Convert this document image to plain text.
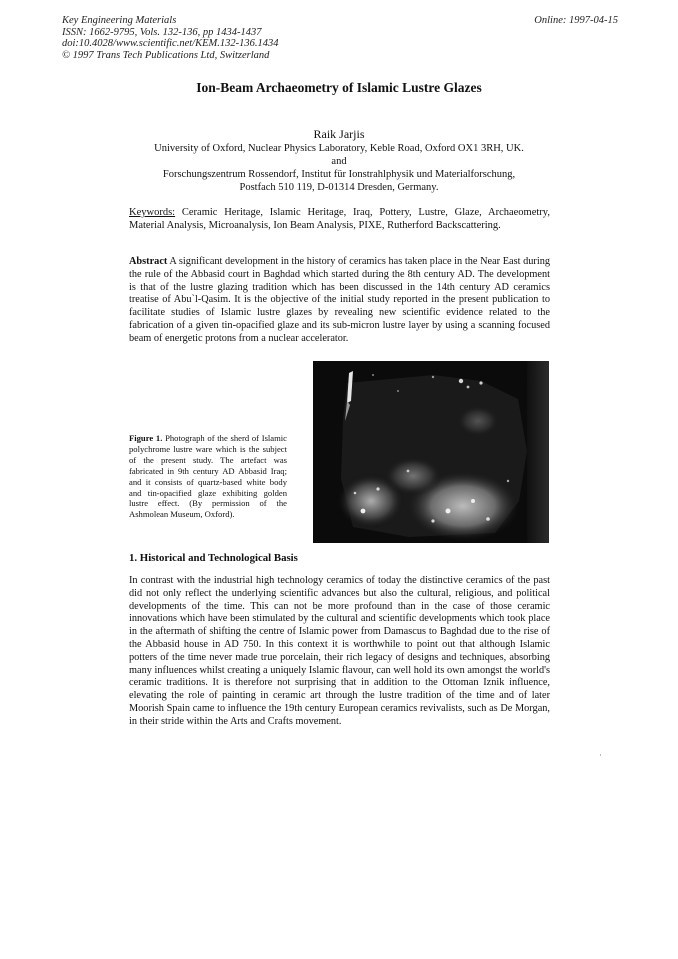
Key Engineering Materials
ISSN: 1662-9795, Vols. 132-136, pp 1434-1437
doi:10.4028/www.scientific.net/KEM.132-136.1434
© 1997 Trans Tech Publications Ltd, Switzerland
Online: 1997-04-15
Ion-Beam Archaeometry of Islamic Lustre Glazes
Raik Jarjis
University of Oxford, Nuclear Physics Laboratory, Keble Road, Oxford OX1 3RH, UK.
and
Forschungszentrum Rossendorf, Institut für Ionstrahlphysik und Materialforschung,
Postfach 510 119, D-01314 Dresden, Germany.
Keywords: Ceramic Heritage, Islamic Heritage, Iraq, Pottery, Lustre, Glaze, Archaeometry, Material Analysis, Microanalysis, Ion Beam Analysis, PIXE, Rutherford Backscattering.
Abstract A significant development in the history of ceramics has taken place in the Near East during the rule of the Abbasid court in Baghdad which started during the 8th century AD. The development is that of the lustre glazing tradition which has been discussed in the 14th century AD ceramics treatise of Abu`l-Qasim. It is the objective of the initial study reported in the present publication to facilitate studies of Islamic lustre glazes by revealing new scientific evidence related to the fabrication of a given tin-opacified glaze and its sub-micron lustre layer by using a scanning focused beam of energetic protons from a nuclear accelerator.
Figure 1. Photograph of the sherd of Islamic polychrome lustre ware which is the subject of the present study. The artefact was fabricated in 9th century AD Abbasid Iraq; and it consists of quartz-based white body and tin-opacified glaze exhibiting golden lustre effect. (By permission of the Ashmolean Museum, Oxford).
1. Historical and Technological Basis
In contrast with the industrial high technology ceramics of today the distinctive ceramics of the past did not only reflect the underlying scientific advances but also the cultural, religious, and political developments of the time. This can not be more profound than in the case of those ceramic innovations which have been stimulated by the cultural and scientific developments which took place in the aftermath of shifting the centre of Islamic power from Damascus to Baghdad due to the rise of the Abbasid house in AD 750. In this context it is worthwhile to point out that although Islamic potters of the time never made true porcelain, their rich legacy of designs and techniques, absorbing many influences whilst creating a uniquely Islamic flavour, can well hold its own amongst the world's ceramic traditions. It is therefore not surprising that in addition to the Ottoman Iznik influence, elevating the role of painting in ceramic art through the lustre tradition of the time and of later Moorish Spain came to influence the 19th century European ceramics revivalists, such as De Morgan, in their stride within the Arts and Crafts movement.
